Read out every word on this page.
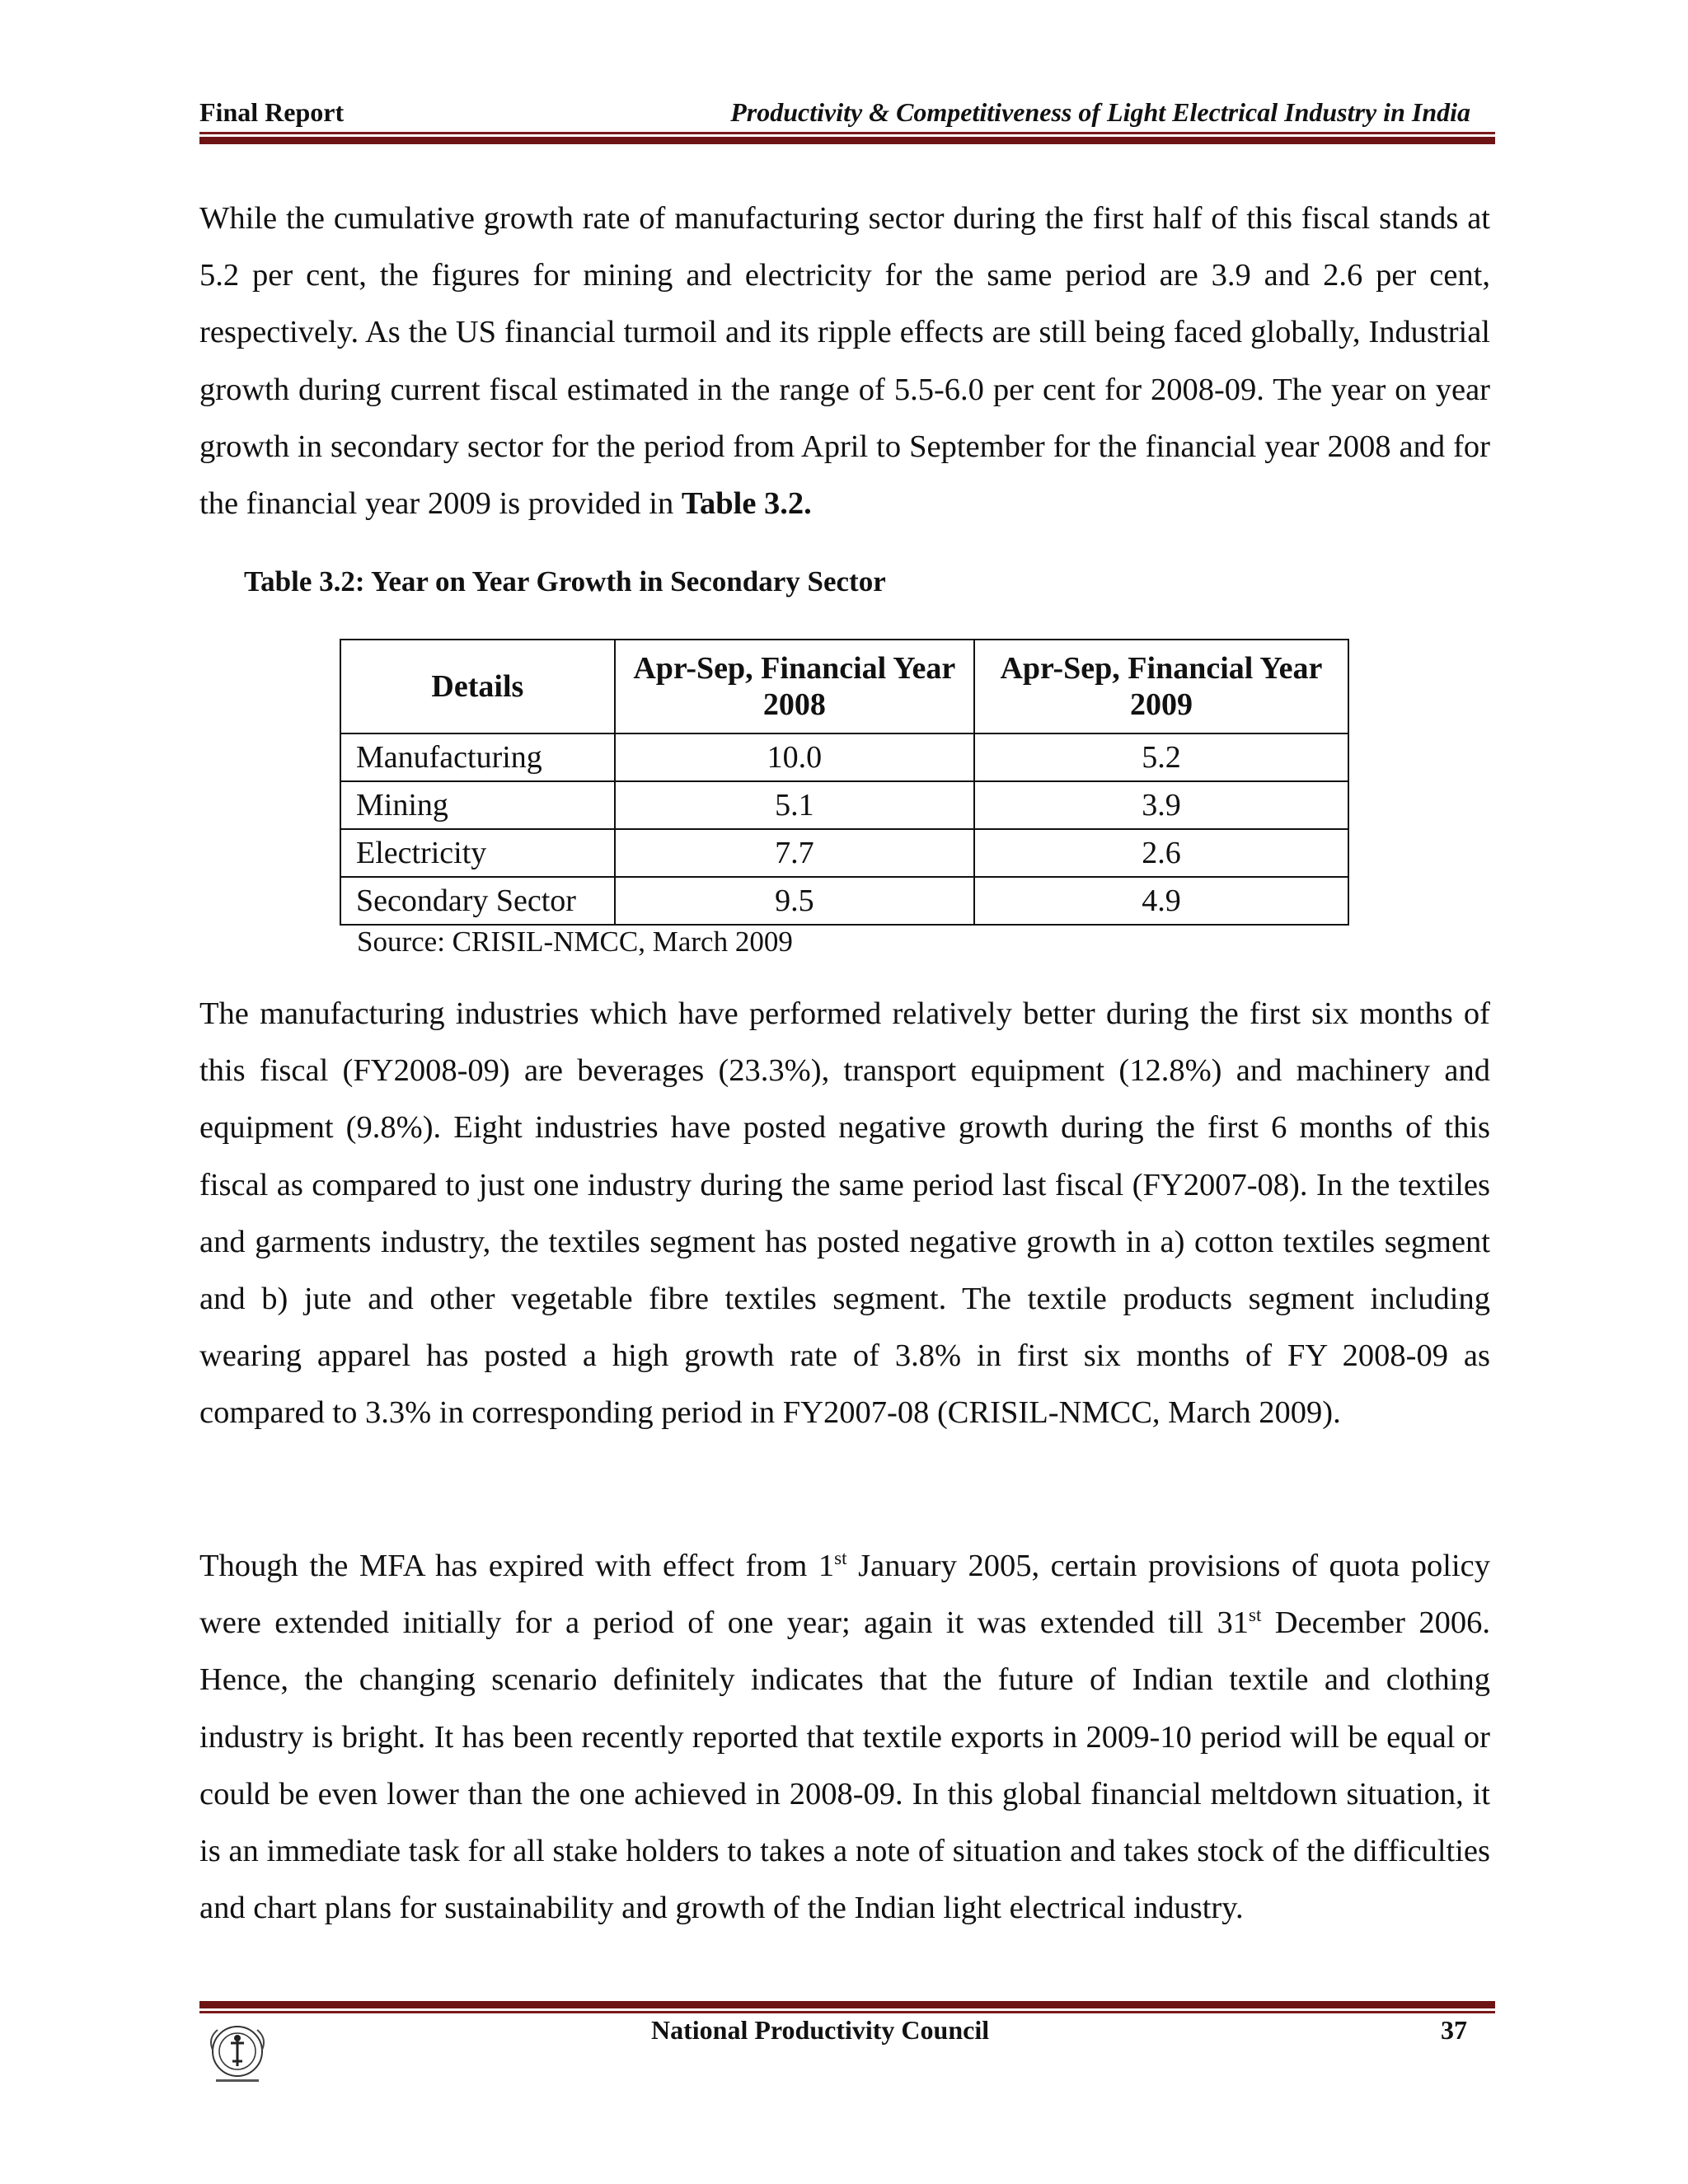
Final Report	Productivity & Competitiveness of Light Electrical Industry in India
While the cumulative growth rate of manufacturing sector during the first half of this fiscal stands at 5.2 per cent, the figures for mining and electricity for the same period are 3.9 and 2.6 per cent, respectively. As the US financial turmoil and its ripple effects are still being faced globally, Industrial growth during current fiscal estimated in the range of 5.5-6.0 per cent for 2008-09. The year on year growth in secondary sector for the period from April to September for the financial year 2008 and for the financial year 2009 is provided in Table 3.2.
Table 3.2: Year on Year Growth in Secondary Sector
Details	Apr-Sep, Financial Year 2008	Apr-Sep, Financial Year 2009
Manufacturing	10.0	5.2
Mining	5.1	3.9
Electricity	7.7	2.6
Secondary Sector	9.5	4.9
Source: CRISIL-NMCC, March 2009
The manufacturing industries which have performed relatively better during the first six months of this fiscal (FY2008-09) are beverages (23.3%), transport equipment (12.8%) and machinery and equipment (9.8%). Eight industries have posted negative growth during the first 6 months of this fiscal as compared to just one industry during the same period last fiscal (FY2007-08). In the textiles and garments industry, the textiles segment has posted negative growth in a) cotton textiles segment and b) jute and other vegetable fibre textiles segment. The textile products segment including wearing apparel has posted a high growth rate of 3.8% in first six months of FY 2008-09 as compared to 3.3% in corresponding period in FY2007-08 (CRISIL-NMCC, March 2009).
Though the MFA has expired with effect from 1st January 2005, certain provisions of quota policy were extended initially for a period of one year; again it was extended till 31st December 2006. Hence, the changing scenario definitely indicates that the future of Indian textile and clothing industry is bright. It has been recently reported that textile exports in 2009-10 period will be equal or could be even lower than the one achieved in 2008-09. In this global financial meltdown situation, it is an immediate task for all stake holders to takes a note of situation and takes stock of the difficulties and chart plans for sustainability and growth of the Indian light electrical industry.
National Productivity Council	37
